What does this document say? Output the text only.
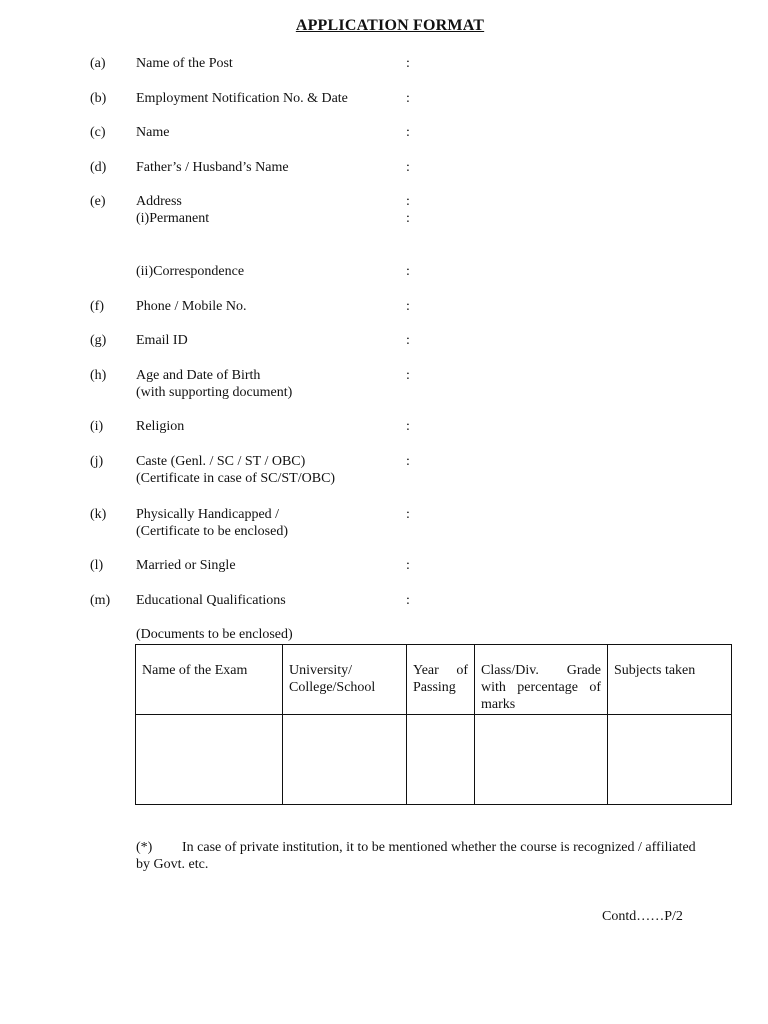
APPLICATION FORMAT
(a) Name of the Post	:
(b) Employment Notification No. & Date	:
(c) Name	:
(d) Father’s / Husband’s Name	:
(e) Address
(i)Permanent
:
:
(ii)Correspondence	:
(f) Phone / Mobile No.	:
(g) Email ID	:
(h) Age and Date of Birth
(with supporting document)
:
(i) Religion	:
(j) Caste (Genl. / SC / ST / OBC)
(Certificate in case of SC/ST/OBC)
:
(k) Physically Handicapped /
(Certificate to be enclosed)
:
(l) Married or Single	:
(m) Educational Qualifications	:
(Documents to be enclosed)
Name of the Exam	University/ College/School	Year of Passing	Class/Div. Grade with percentage of marks	Subjects taken

(*) In case of private institution, it to be mentioned whether the course is recognized / affiliated by Govt. etc.
Contd……P/2
